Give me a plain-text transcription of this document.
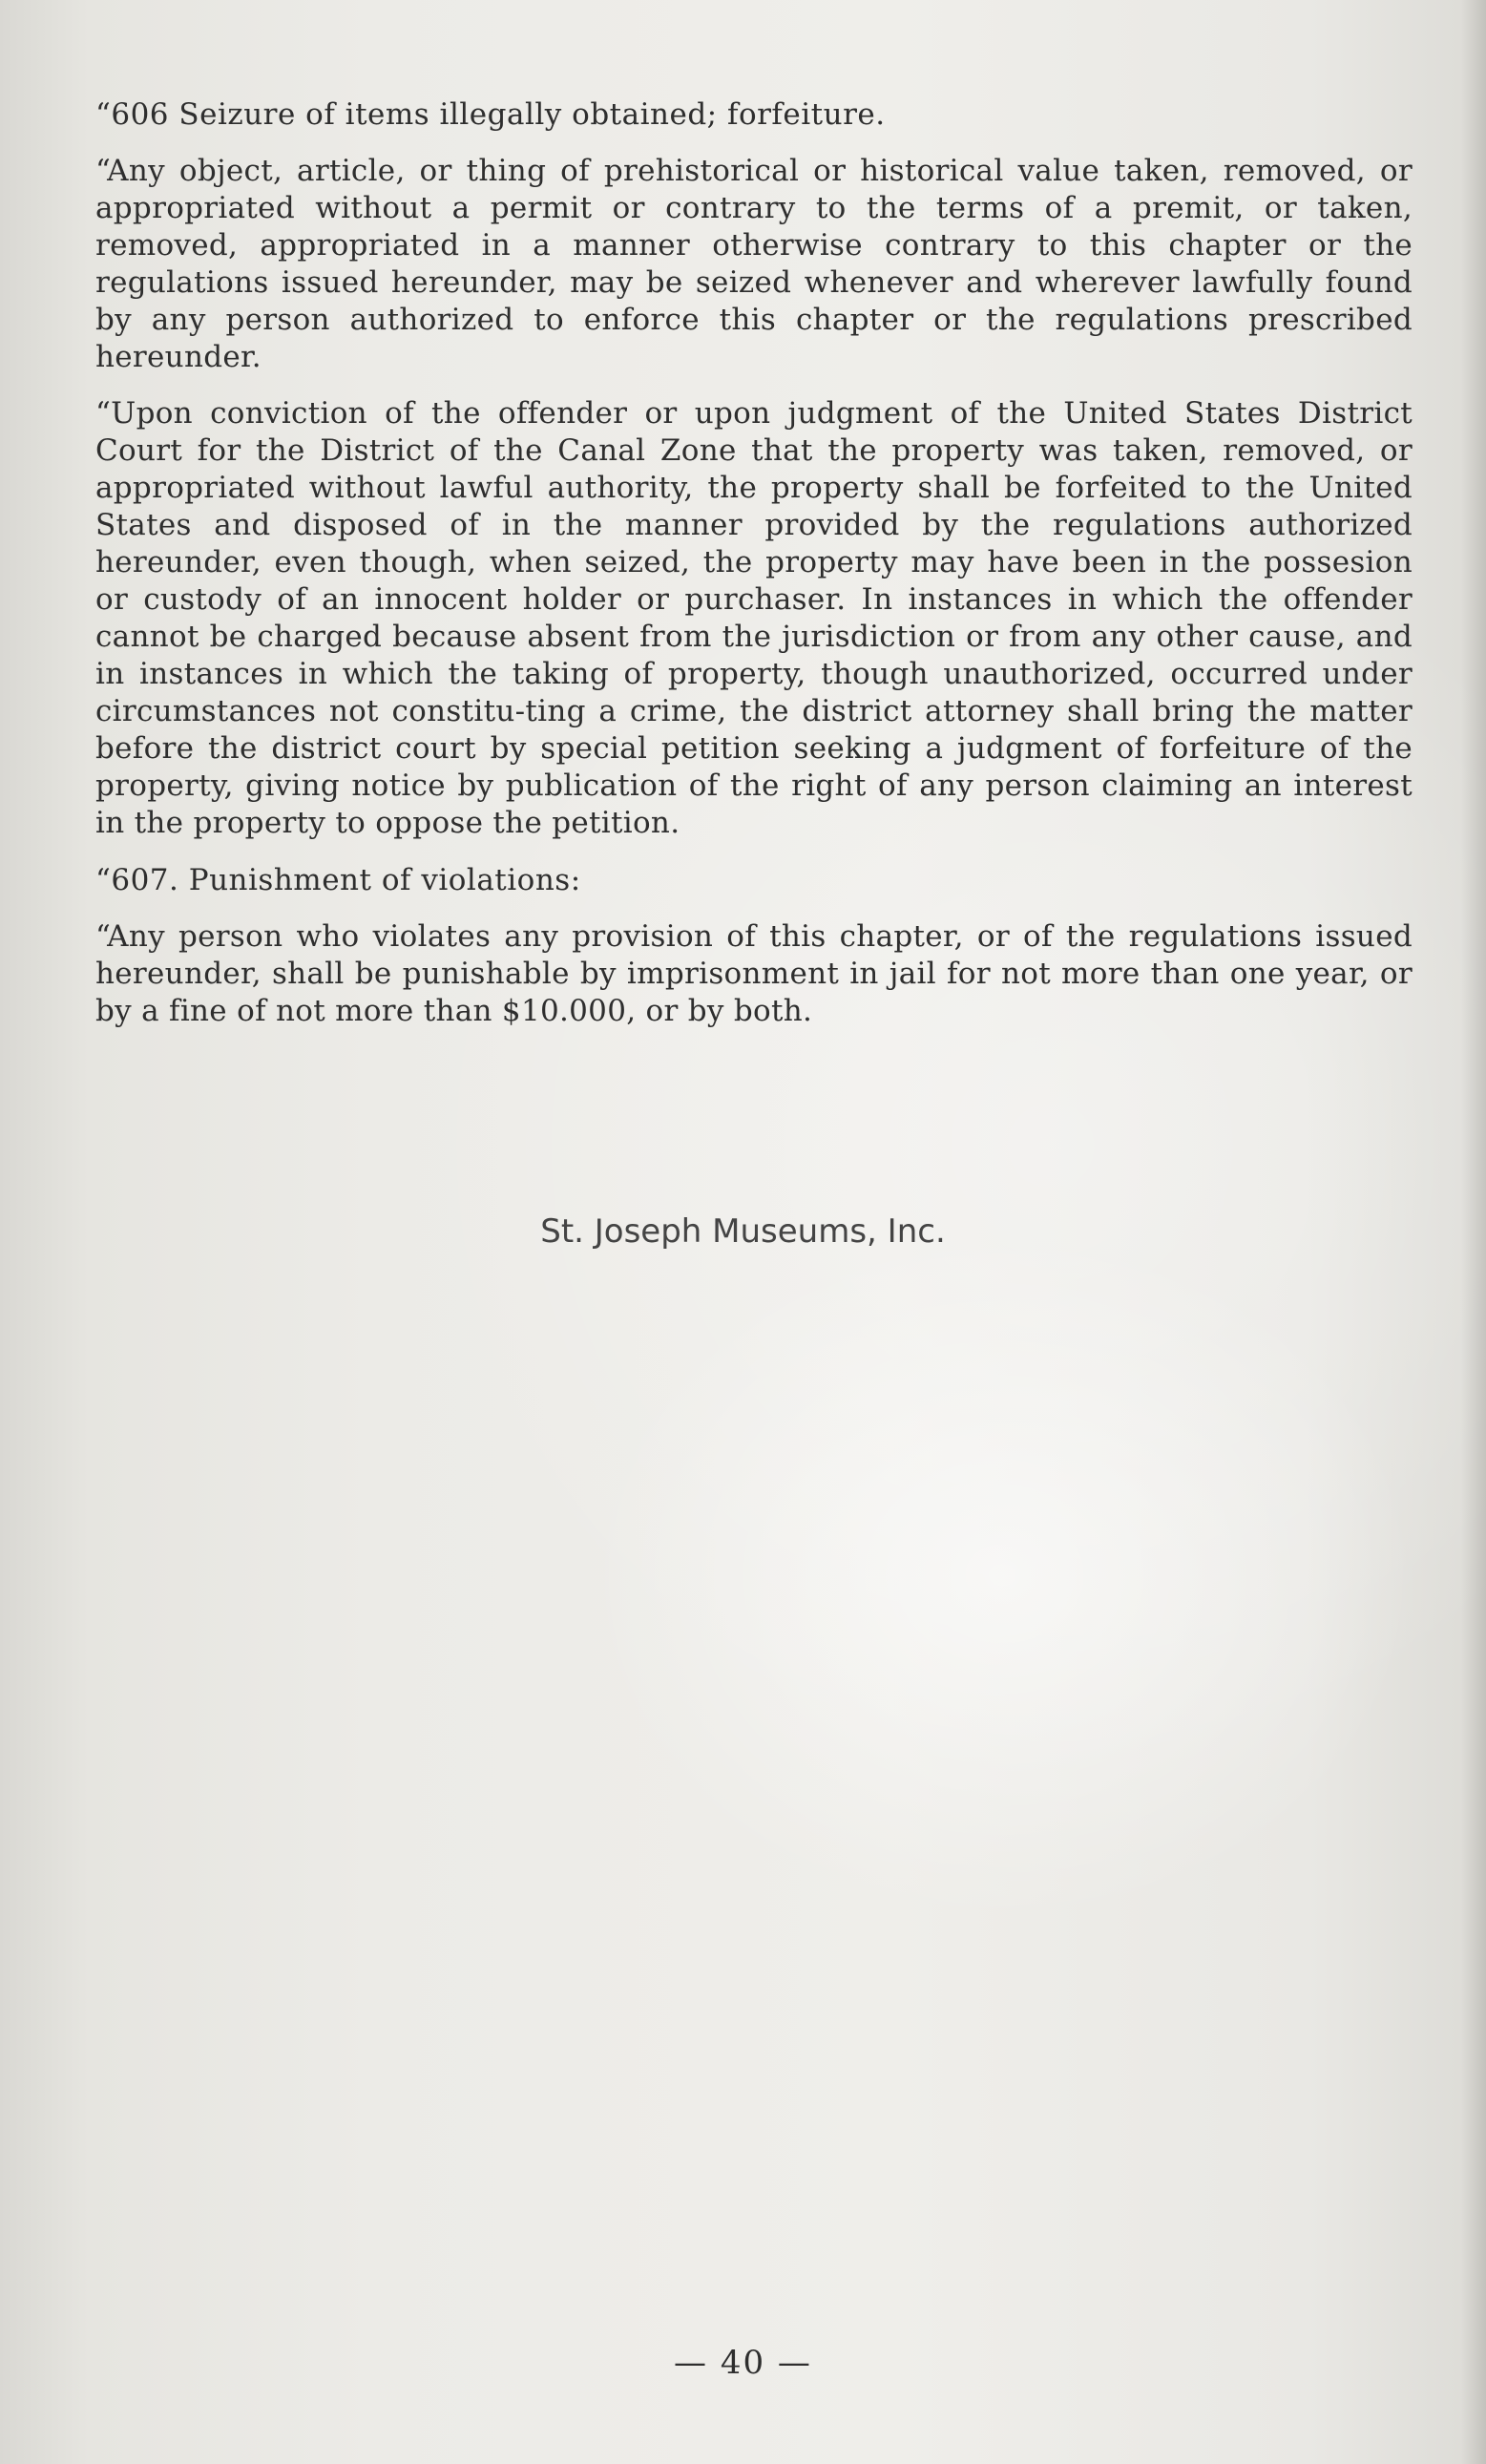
“606 Seizure of items illegally obtained; forfeiture.

“Any object, article, or thing of prehistorical or historical value taken, removed, or appropriated without a permit or contrary to the terms of a premit, or taken, removed, appropriated in a manner otherwise contrary to this chapter or the regulations issued hereunder, may be seized whenever and wherever lawfully found by any person authorized to enforce this chapter or the regulations prescribed hereunder.

“Upon conviction of the offender or upon judgment of the United States District Court for the District of the Canal Zone that the property was taken, removed, or appropriated without lawful authority, the property shall be forfeited to the United States and disposed of in the manner provided by the regulations authorized hereunder, even though, when seized, the property may have been in the possesion or custody of an innocent holder or purchaser. In instances in which the offender cannot be charged because absent from the jurisdiction or from any other cause, and in instances in which the taking of property, though unauthorized, occurred under circumstances not constitu-ting a crime, the district attorney shall bring the matter before the district court by special petition seeking a judgment of forfeiture of the property, giving notice by publication of the right of any person claiming an interest in the property to oppose the petition.

“607. Punishment of violations:

“Any person who violates any provision of this chapter, or of the regulations issued hereunder, shall be punishable by imprisonment in jail for not more than one year, or by a fine of not more than $10.000, or by both.

St. Joseph Museums, Inc.
— 40 —
